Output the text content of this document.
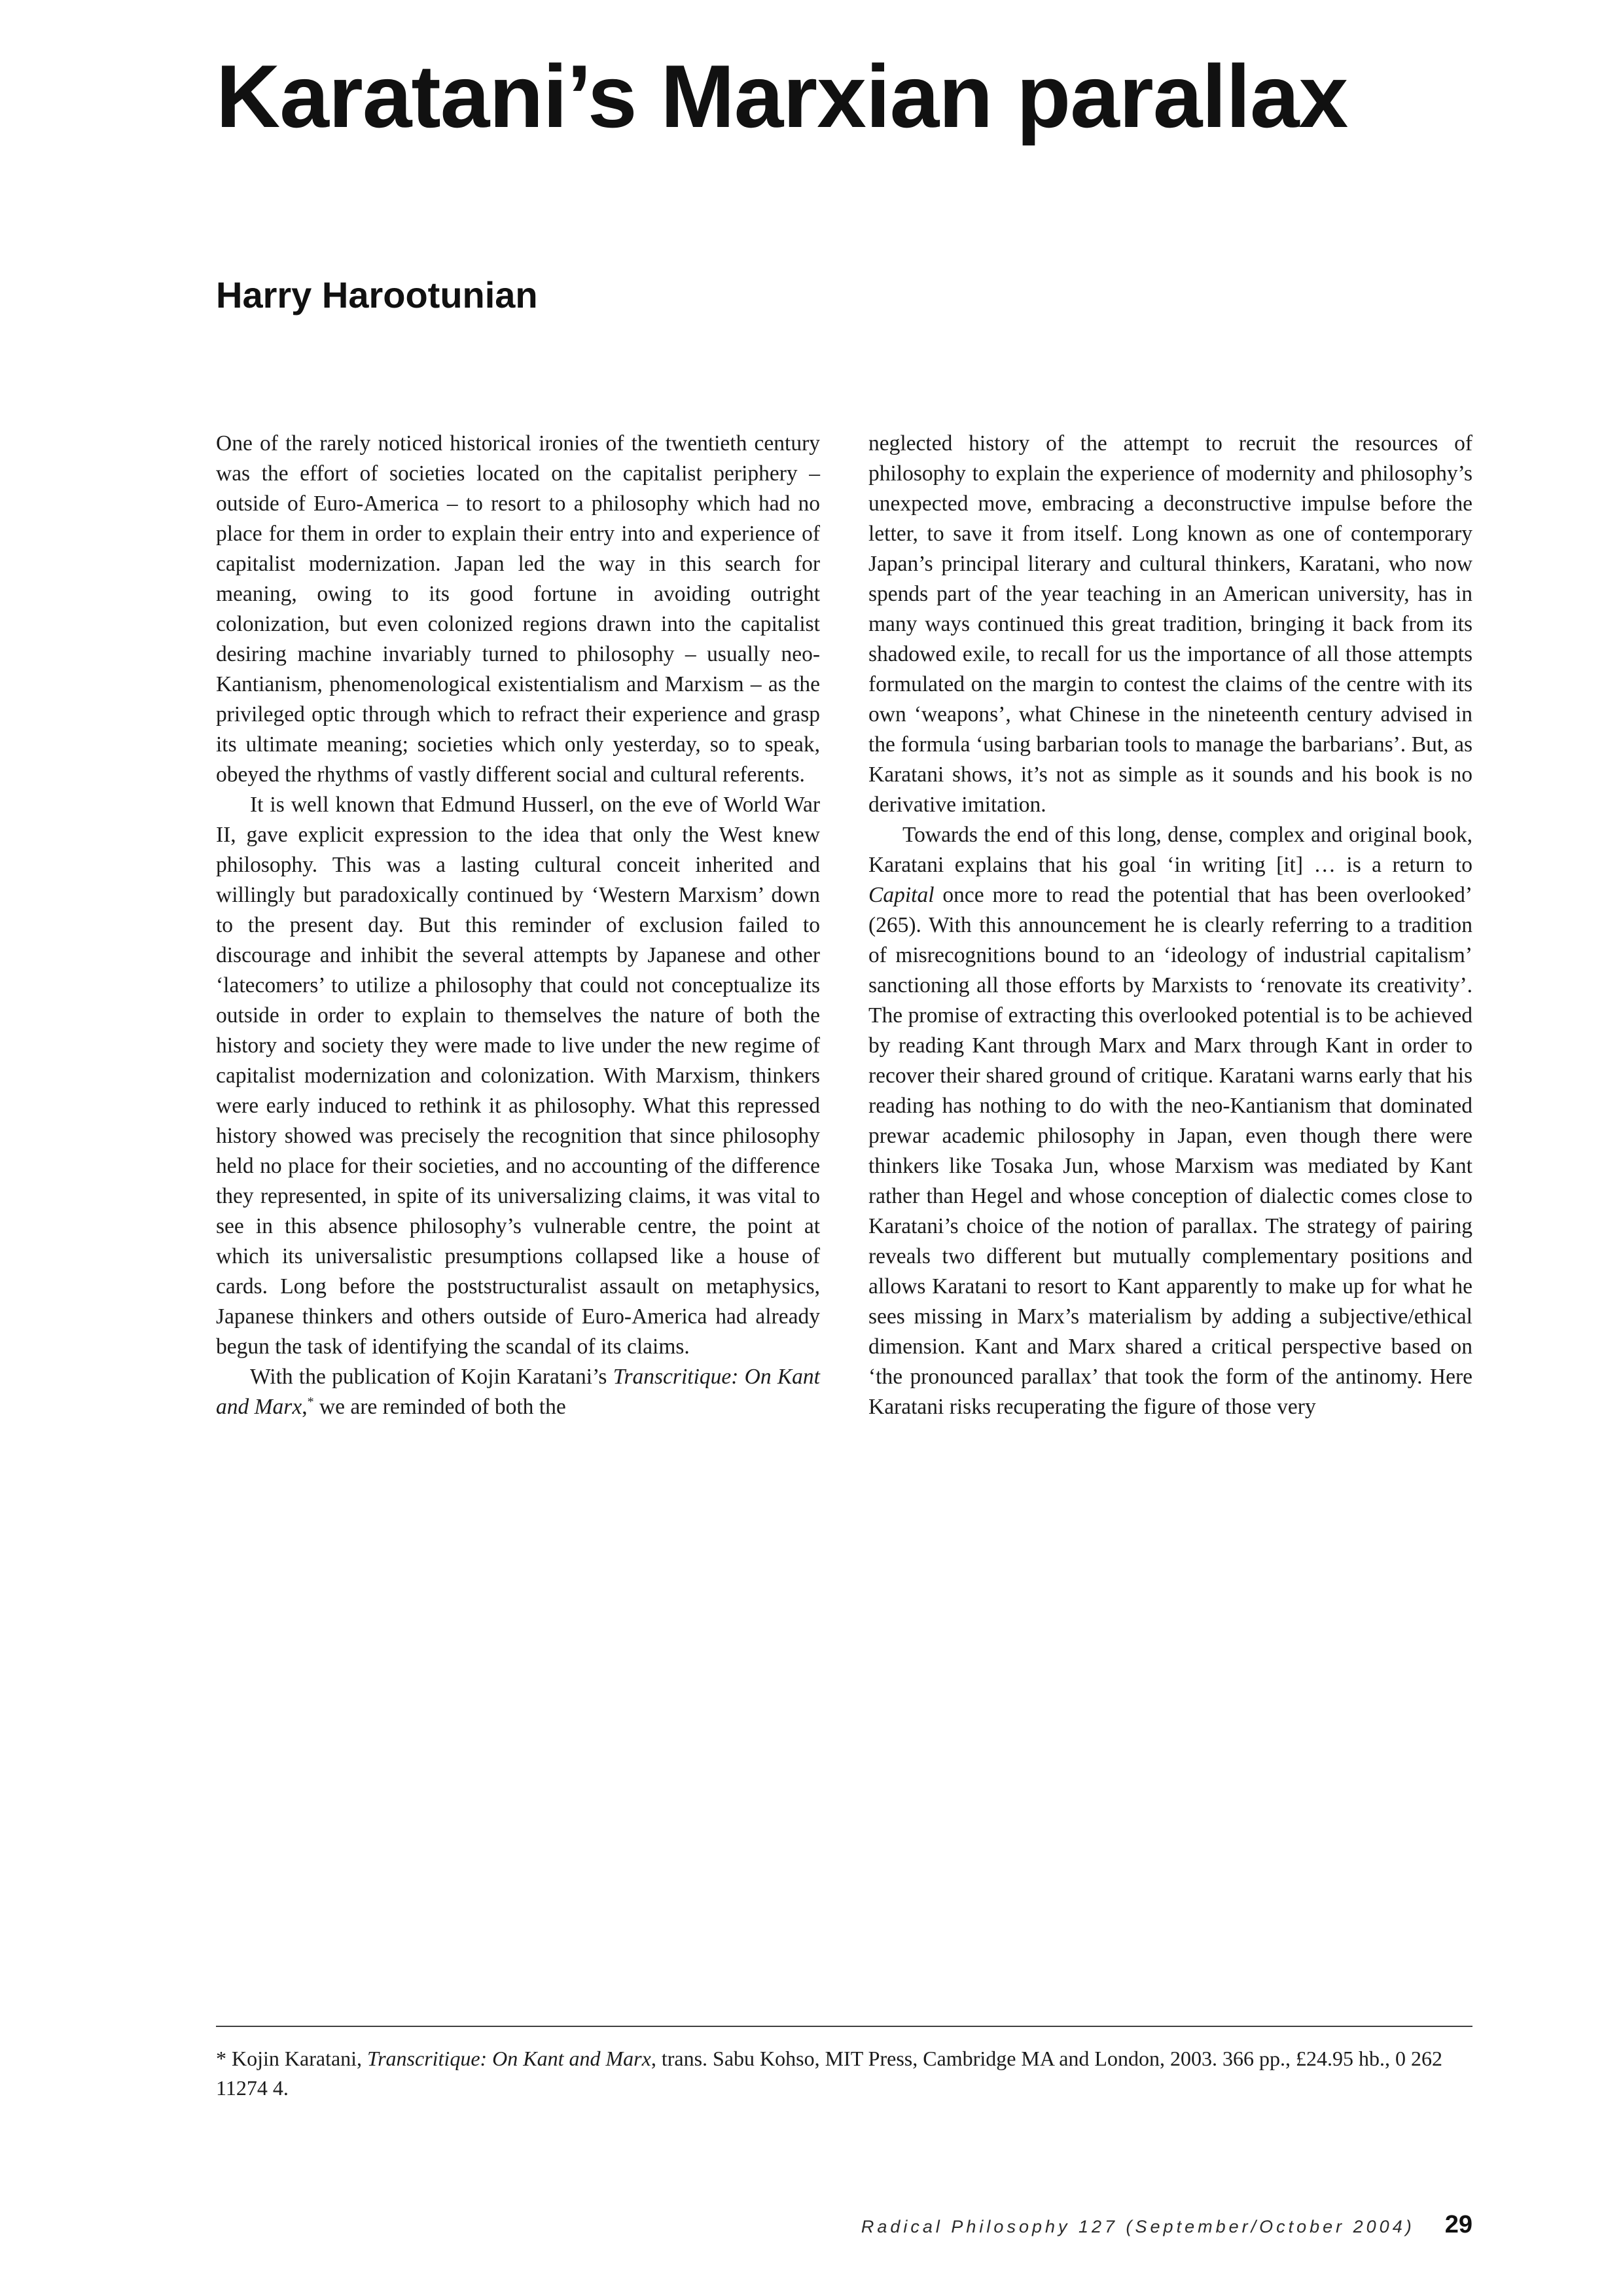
Karatani’s Marxian parallax
Harry Harootunian

One of the rarely noticed historical ironies of the twentieth century was the effort of societies located on the capitalist periphery – outside of Euro-America – to resort to a philosophy which had no place for them in order to explain their entry into and experience of capitalist modernization. Japan led the way in this search for meaning, owing to its good fortune in avoiding outright colonization, but even colonized regions drawn into the capitalist desiring machine invariably turned to philosophy – usually neo-Kantianism, phenomenological existentialism and Marxism – as the privileged optic through which to refract their experience and grasp its ultimate meaning; societies which only yesterday, so to speak, obeyed the rhythms of vastly different social and cultural referents.

It is well known that Edmund Husserl, on the eve of World War II, gave explicit expression to the idea that only the West knew philosophy. This was a lasting cultural conceit inherited and willingly but paradoxically continued by ‘Western Marxism’ down to the present day. But this reminder of exclusion failed to discourage and inhibit the several attempts by Japanese and other ‘latecomers’ to utilize a philosophy that could not conceptualize its outside in order to explain to themselves the nature of both the history and society they were made to live under the new regime of capitalist modernization and colonization. With Marxism, thinkers were early induced to rethink it as philosophy. What this repressed history showed was precisely the recognition that since philosophy held no place for their societies, and no accounting of the difference they represented, in spite of its universalizing claims, it was vital to see in this absence philosophy’s vulnerable centre, the point at which its universalistic presumptions collapsed like a house of cards. Long before the poststructuralist assault on metaphysics, Japanese thinkers and others outside of Euro-America had already begun the task of identifying the scandal of its claims.

With the publication of Kojin Karatani’s Transcritique: On Kant and Marx,* we are reminded of both the

neglected history of the attempt to recruit the resources of philosophy to explain the experience of modernity and philosophy’s unexpected move, embracing a deconstructive impulse before the letter, to save it from itself. Long known as one of contemporary Japan’s principal literary and cultural thinkers, Karatani, who now spends part of the year teaching in an American university, has in many ways continued this great tradition, bringing it back from its shadowed exile, to recall for us the importance of all those attempts formulated on the margin to contest the claims of the centre with its own ‘weapons’, what Chinese in the nineteenth century advised in the formula ‘using barbarian tools to manage the barbarians’. But, as Karatani shows, it’s not as simple as it sounds and his book is no derivative imitation.

Towards the end of this long, dense, complex and original book, Karatani explains that his goal ‘in writing [it] … is a return to Capital once more to read the potential that has been overlooked’ (265). With this announcement he is clearly referring to a tradition of misrecognitions bound to an ‘ideology of industrial capitalism’ sanctioning all those efforts by Marxists to ‘renovate its creativity’. The promise of extracting this overlooked potential is to be achieved by reading Kant through Marx and Marx through Kant in order to recover their shared ground of critique. Karatani warns early that his reading has nothing to do with the neo-Kantianism that dominated prewar academic philosophy in Japan, even though there were thinkers like Tosaka Jun, whose Marxism was mediated by Kant rather than Hegel and whose conception of dialectic comes close to Karatani’s choice of the notion of parallax. The strategy of pairing reveals two different but mutually complementary positions and allows Karatani to resort to Kant apparently to make up for what he sees missing in Marx’s materialism by adding a subjective/ethical dimension. Kant and Marx shared a critical perspective based on ‘the pronounced parallax’ that took the form of the antinomy. Here Karatani risks recuperating the figure of those very

* Kojin Karatani, Transcritique: On Kant and Marx, trans. Sabu Kohso, MIT Press, Cambridge MA and London, 2003. 366 pp., £24.95 hb., 0 262 11274 4.

Radical Philosophy 127 (September/October 2004) 29
